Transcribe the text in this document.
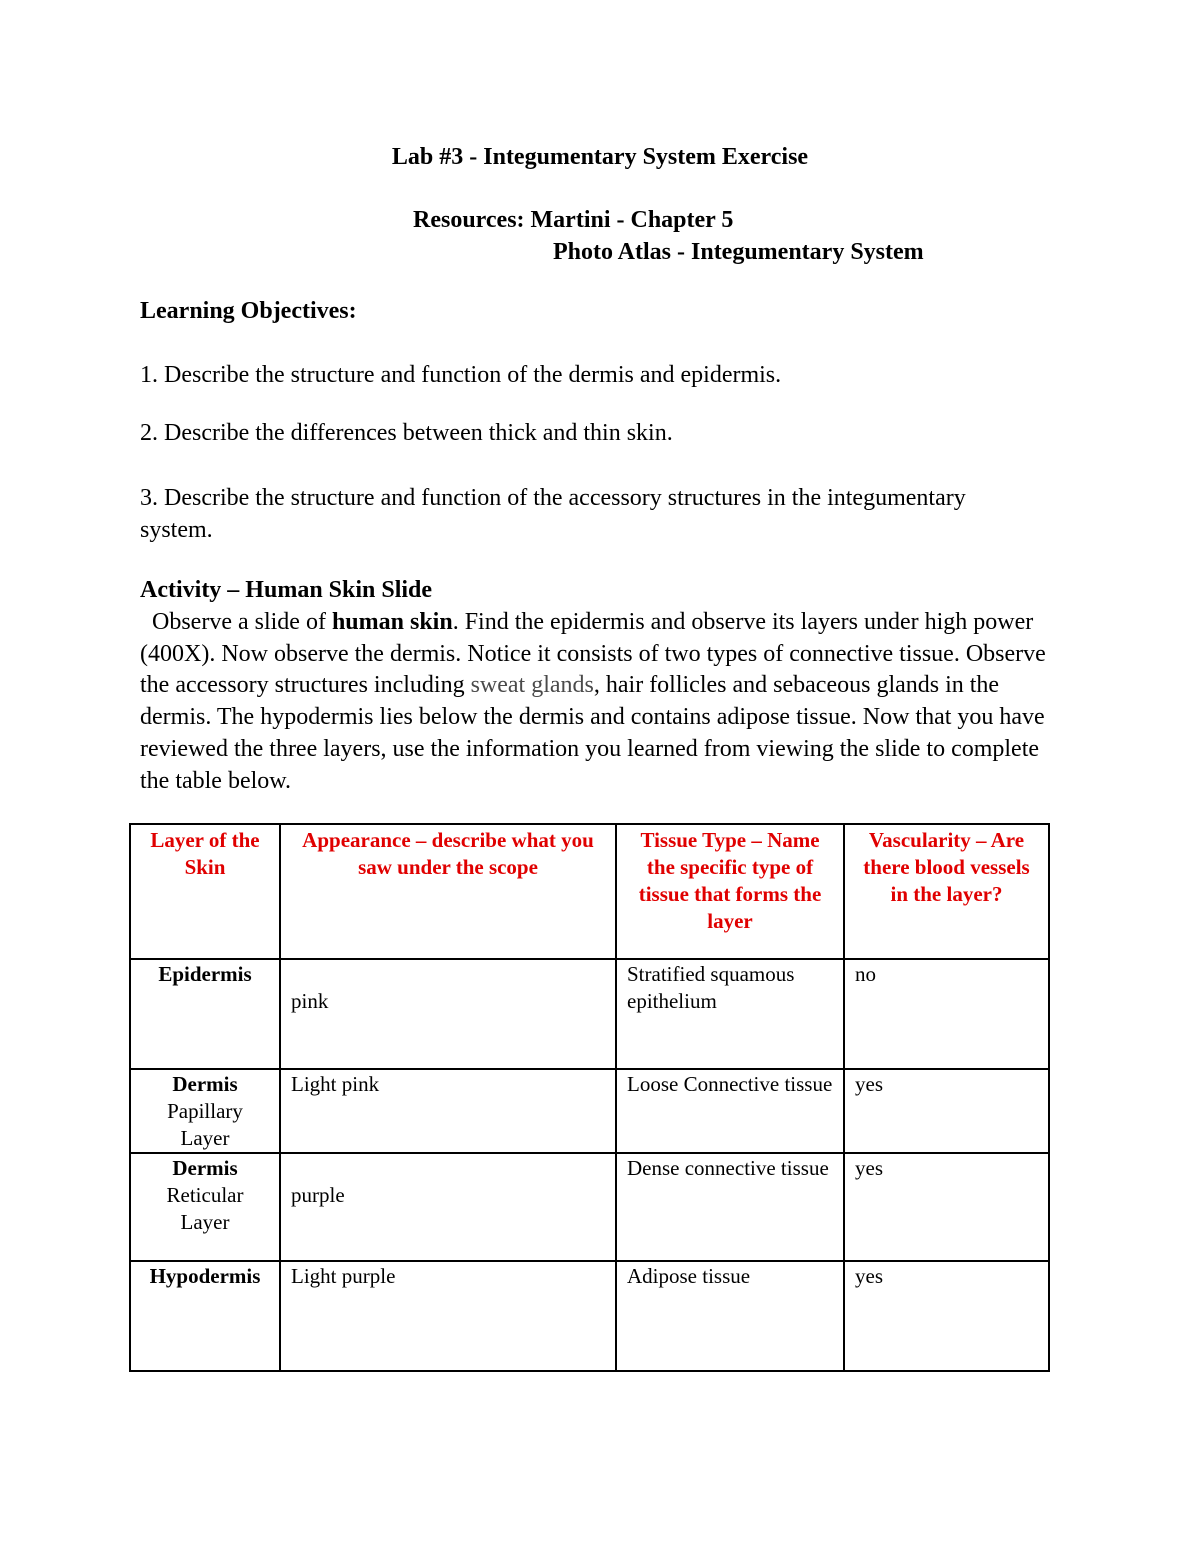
Lab #3 - Integumentary System Exercise
Resources: Martini - Chapter 5
Photo Atlas - Integumentary System
Learning Objectives:
1. Describe the structure and function of the dermis and epidermis.
2. Describe the differences between thick and thin skin.
3. Describe the structure and function of the accessory structures in the integumentary system.
Activity – Human Skin Slide
Observe a slide of human skin. Find the epidermis and observe its layers under high power (400X). Now observe the dermis. Notice it consists of two types of connective tissue. Observe the accessory structures including sweat glands, hair follicles and sebaceous glands in the dermis. The hypodermis lies below the dermis and contains adipose tissue. Now that you have reviewed the three layers, use the information you learned from viewing the slide to complete the table below.
Layer of the Skin	Appearance – describe what you saw under the scope	Tissue Type – Name the specific type of tissue that forms the layer	Vascularity – Are there blood vessels in the layer?

Epidermis	pink	Stratified squamous epithelium	no

Dermis
Papillary Layer	Light pink	Loose Connective tissue	yes

Dermis
Reticular Layer	purple	Dense connective tissue	yes

Hypodermis	Light purple	Adipose tissue	yes
